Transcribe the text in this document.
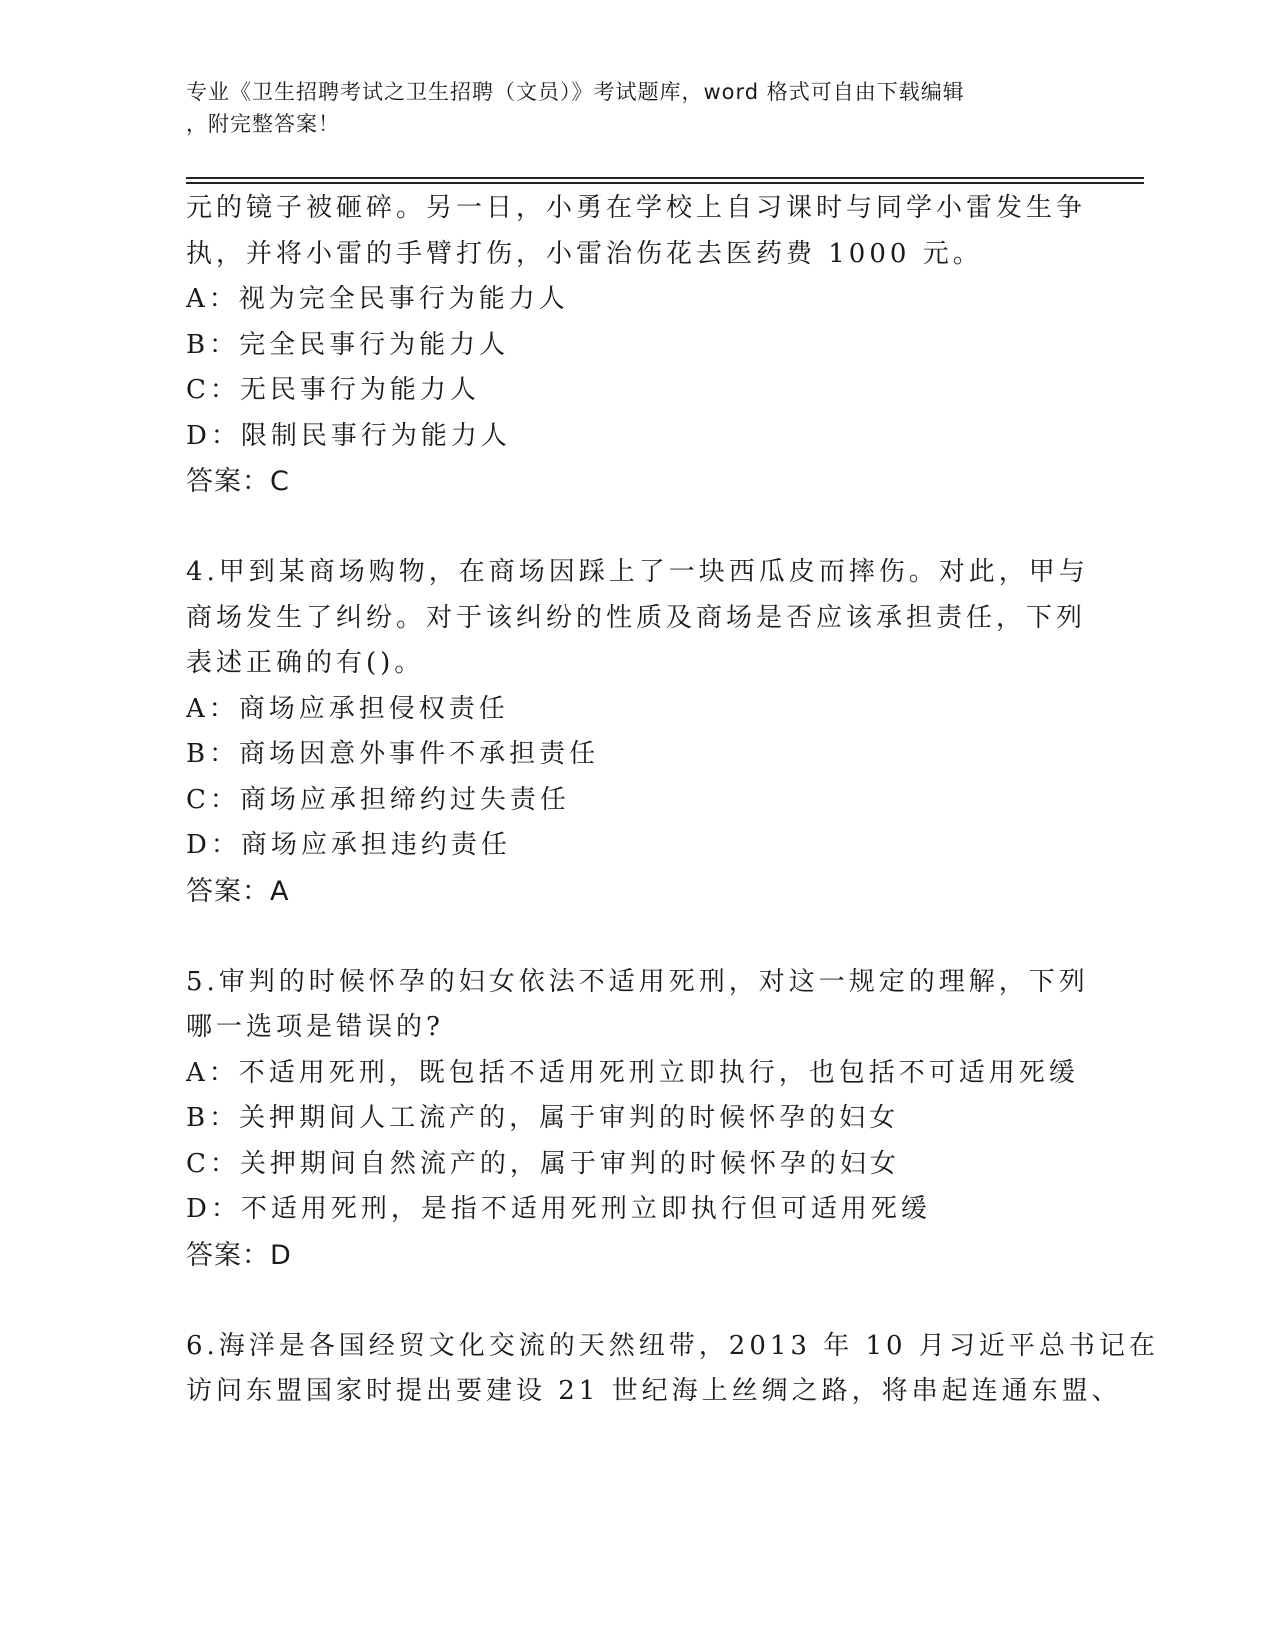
专业《卫生招聘考试之卫生招聘（文员）》考试题库，word 格式可自由下载编辑
，附完整答案！
元的镜子被砸碎。另一日，小勇在学校上自习课时与同学小雷发生争
执，并将小雷的手臂打伤，小雷治伤花去医药费 1000 元。
A：视为完全民事行为能力人
B：完全民事行为能力人
C：无民事行为能力人
D：限制民事行为能力人
答案：C
4.甲到某商场购物，在商场因踩上了一块西瓜皮而摔伤。对此，甲与
商场发生了纠纷。对于该纠纷的性质及商场是否应该承担责任，下列
表述正确的有()。
A：商场应承担侵权责任
B：商场因意外事件不承担责任
C：商场应承担缔约过失责任
D：商场应承担违约责任
答案：A
5.审判的时候怀孕的妇女依法不适用死刑，对这一规定的理解，下列
哪一选项是错误的?
A：不适用死刑，既包括不适用死刑立即执行，也包括不可适用死缓
B：关押期间人工流产的，属于审判的时候怀孕的妇女
C：关押期间自然流产的，属于审判的时候怀孕的妇女
D：不适用死刑，是指不适用死刑立即执行但可适用死缓
答案：D
6.海洋是各国经贸文化交流的天然纽带，2013 年 10 月习近平总书记在
访问东盟国家时提出要建设 21 世纪海上丝绸之路，将串起连通东盟、
